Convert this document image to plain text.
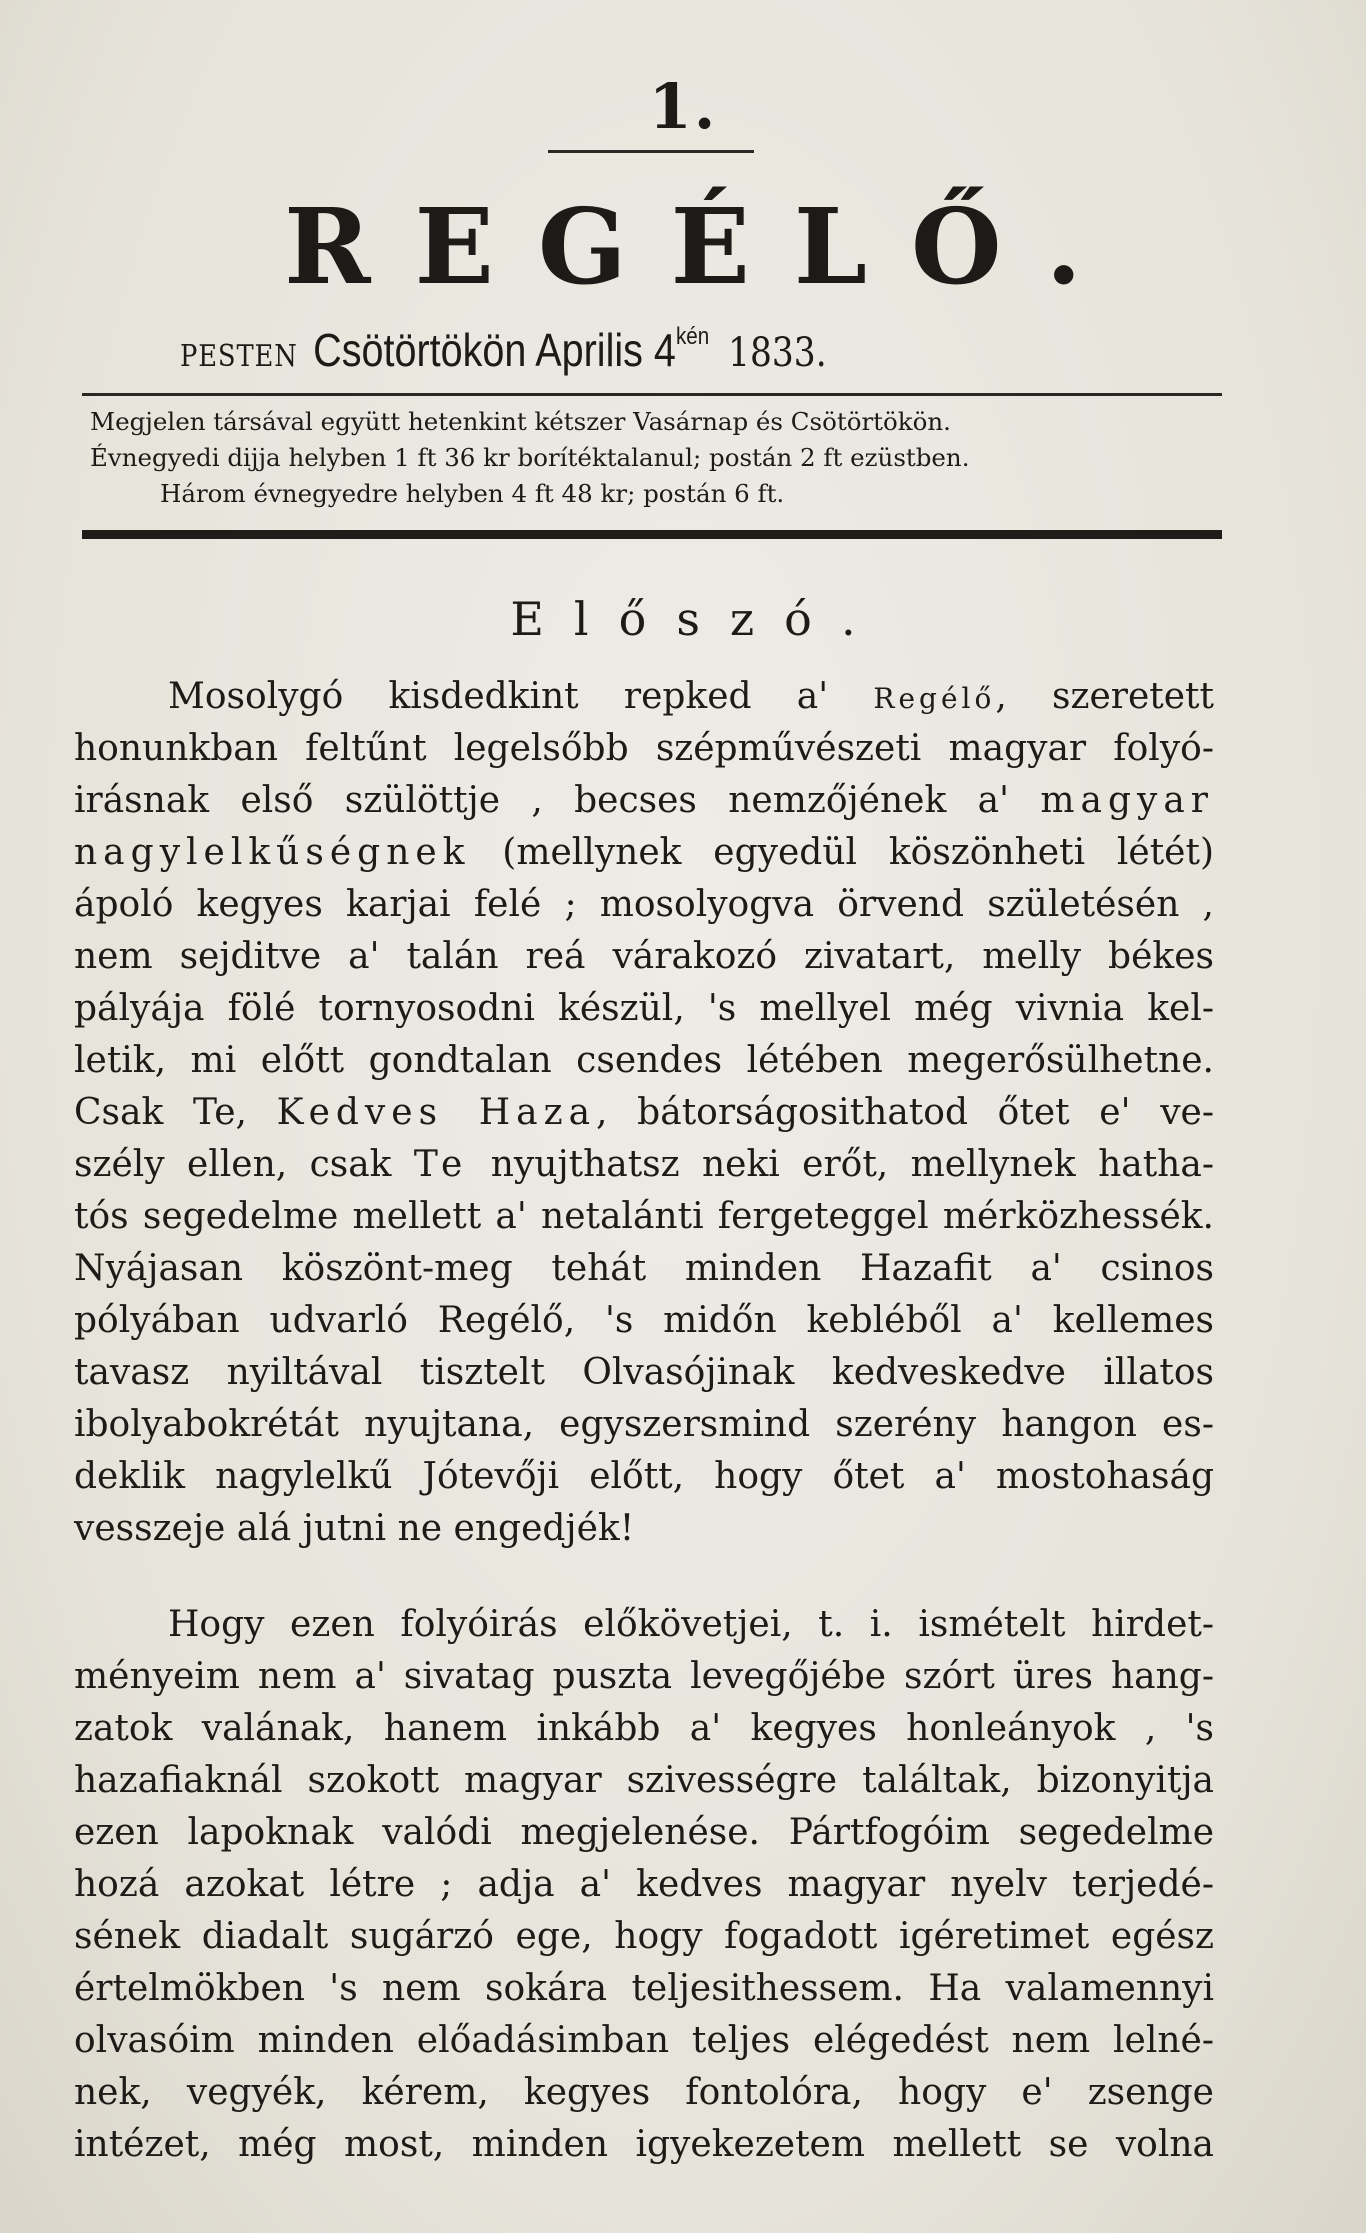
1.
REGÉLŐ.
PESTEN Csötörtökön Aprilis $4^{kén}$ 1833.
Megjelen társával együtt hetenkint kétszer Vasárnap és Csötörtökön.
Évnegyedi dijja helyben 1 ft 36 kr borítéktalanul; postán 2 ft ezüstben.
Három évnegyedre helyben 4 ft 48 kr; postán 6 ft.
Előszó.
Mosolygó kisdedkint repked a' Regélő, szeretett
honunkban feltűnt legelsőbb szépművészeti magyar folyó-
irásnak első szülöttje , becses nemzőjének a' magyar
nagylelkűségnek (mellynek egyedül köszönheti létét)
ápoló kegyes karjai felé ; mosolyogva örvend születésén ,
nem sejditve a' talán reá várakozó zivatart, melly békes
pályája fölé tornyosodni készül, 's mellyel még vivnia kel-
letik, mi előtt gondtalan csendes létében megerősülhetne.
Csak Te, Kedves Haza, bátorságosithatod őtet e' ve-
szély ellen, csak Te nyujthatsz neki erőt, mellynek hatha-
tós segedelme mellett a' netalánti fergeteggel mérközhessék.
Nyájasan köszönt-meg tehát minden Hazafit a' csinos
pólyában udvarló Regélő, 's midőn kebléből a' kellemes
tavasz nyiltával tisztelt Olvasójinak kedveskedve illatos
ibolyabokrétát nyujtana, egyszersmind szerény hangon es-
deklik nagylelkű Jótevőji előtt, hogy őtet a' mostohaság
vesszeje alá jutni ne engedjék!
Hogy ezen folyóirás előkövetjei, t. i. ismételt hirdet-
ményeim nem a' sivatag puszta levegőjébe szórt üres hang-
zatok valának, hanem inkább a' kegyes honleányok , 's
hazafiaknál szokott magyar szivességre találtak, bizonyitja
ezen lapoknak valódi megjelenése. Pártfogóim segedelme
hozá azokat létre ; adja a' kedves magyar nyelv terjedé-
sének diadalt sugárzó ege, hogy fogadott igéretimet egész
értelmökben 's nem sokára teljesithessem. Ha valamennyi
olvasóim minden előadásimban teljes elégedést nem lelné-
nek, vegyék, kérem, kegyes fontolóra, hogy e' zsenge
intézet, még most, minden igyekezetem mellett se volna
